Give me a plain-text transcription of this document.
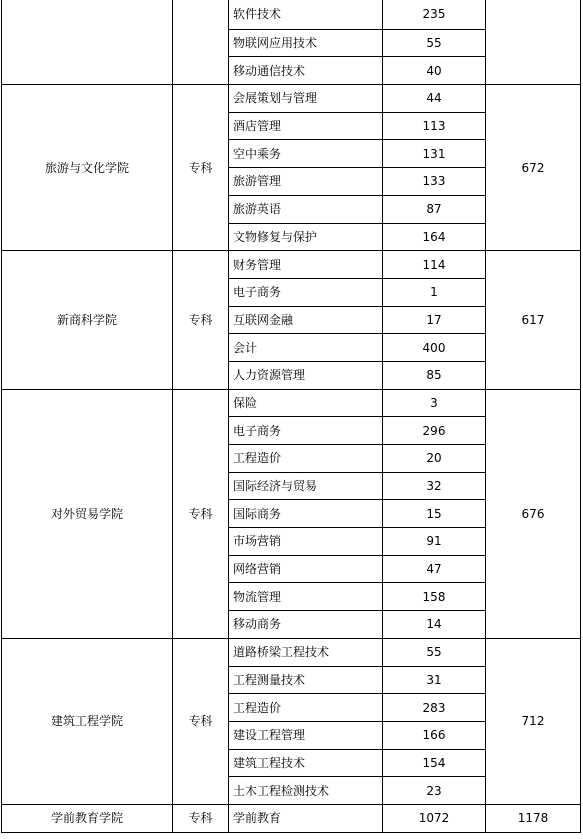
		软件技术	235	
		物联网应用技术	55	
		移动通信技术	40	
旅游与文化学院	专科	会展策划与管理	44	672
		酒店管理	113	
		空中乘务	131	
		旅游管理	133	
		旅游英语	87	
		文物修复与保护	164	
新商科学院	专科	财务管理	114	617
		电子商务	1	
		互联网金融	17	
		会计	400	
		人力资源管理	85	
对外贸易学院	专科	保险	3	676
		电子商务	296	
		工程造价	20	
		国际经济与贸易	32	
		国际商务	15	
		市场营销	91	
		网络营销	47	
		物流管理	158	
		移动商务	14	
建筑工程学院	专科	道路桥梁工程技术	55	712
		工程测量技术	31	
		工程造价	283	
		建设工程管理	166	
		建筑工程技术	154	
		土木工程检测技术	23	
学前教育学院	专科	学前教育	1072	1178
